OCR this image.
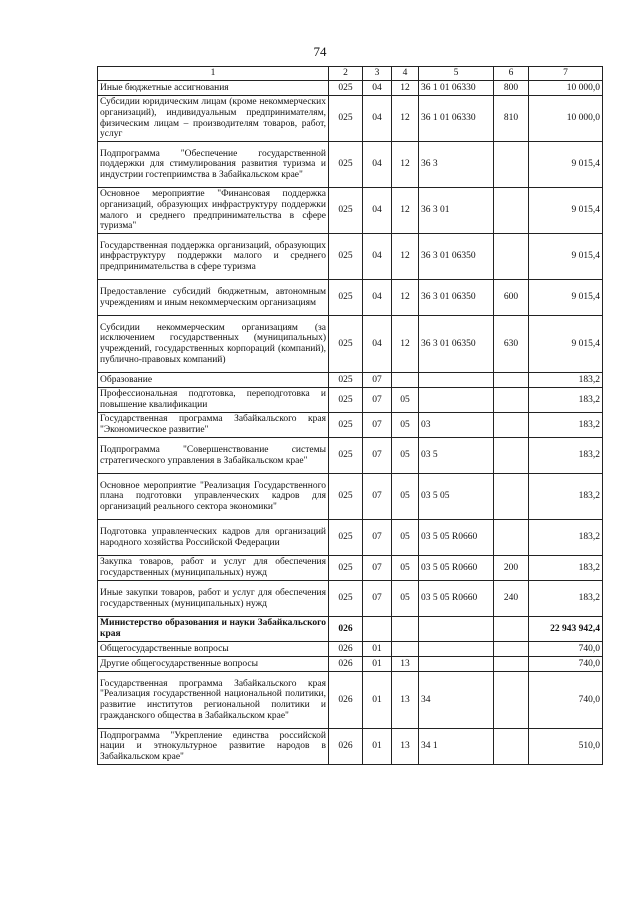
74
1	2	3	4	5	6	7
Иные бюджетные ассигнования	025	04	12	36 1 01 06330	800	10 000,0
Субсидии юридическим лицам (кроме некоммерческих организаций), индивидуальным предпринимателям, физическим лицам – производителям товаров, работ, услуг	025	04	12	36 1 01 06330	810	10 000,0
Подпрограмма "Обеспечение государственной поддержки для стимулирования развития туризма и индустрии гостеприимства в Забайкальском крае"	025	04	12	36 3		9 015,4
Основное мероприятие "Финансовая поддержка организаций, образующих инфраструктуру поддержки малого и среднего предпринимательства в сфере туризма"	025	04	12	36 3 01		9 015,4
Государственная поддержка организаций, образующих инфраструктуру поддержки малого и среднего предпринимательства в сфере туризма	025	04	12	36 3 01 06350		9 015,4
Предоставление субсидий бюджетным, автономным учреждениям и иным некоммерческим организациям	025	04	12	36 3 01 06350	600	9 015,4
Субсидии некоммерческим организациям (за исключением государственных (муниципальных) учреждений, государственных корпораций (компаний), публично-правовых компаний)	025	04	12	36 3 01 06350	630	9 015,4
Образование	025	07				183,2
Профессиональная подготовка, переподготовка и повышение квалификации	025	07	05			183,2
Государственная программа Забайкальского края "Экономическое развитие"	025	07	05	03		183,2
Подпрограмма "Совершенствование системы стратегического управления в Забайкальском крае"	025	07	05	03 5		183,2
Основное мероприятие "Реализация Государственного плана подготовки управленческих кадров для организаций реального сектора экономики"	025	07	05	03 5 05		183,2
Подготовка управленческих кадров для организаций народного хозяйства Российской Федерации	025	07	05	03 5 05 R0660		183,2
Закупка товаров, работ и услуг для обеспечения государственных (муниципальных) нужд	025	07	05	03 5 05 R0660	200	183,2
Иные закупки товаров, работ и услуг для обеспечения государственных (муниципальных) нужд	025	07	05	03 5 05 R0660	240	183,2
Министерство образования и науки Забайкальского края	026					22 943 942,4
Общегосударственные вопросы	026	01				740,0
Другие общегосударственные вопросы	026	01	13			740,0
Государственная программа Забайкальского края "Реализация государственной национальной политики, развитие институтов региональной политики и гражданского общества в Забайкальском крае"	026	01	13	34		740,0
Подпрограмма "Укрепление единства российской нации и этнокультурное развитие народов в Забайкальском крае"	026	01	13	34 1		510,0
